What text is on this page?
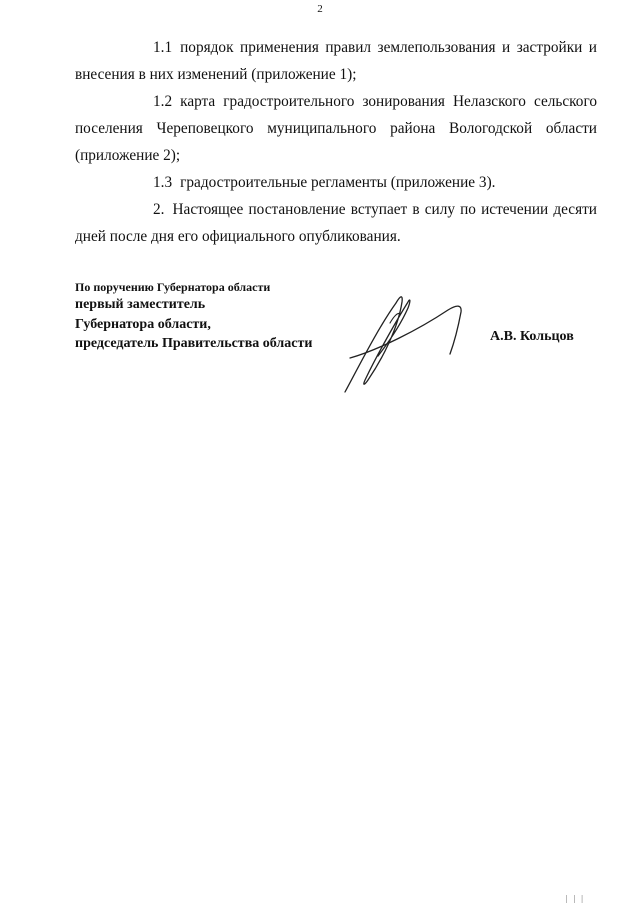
2

1.1 порядок применения правил землепользования и застройки и внесения в них изменений (приложение 1);

1.2 карта градостроительного зонирования Нелазского сельского поселения Череповецкого муниципального района Вологодской области (приложение 2);

1.3 градостроительные регламенты (приложение 3).

2. Настоящее постановление вступает в силу по истечении десяти дней после дня его официального опубликования.

По поручению Губернатора области
первый заместитель
Губернатора области,
председатель Правительства области	А.В. Кольцов
| | |
